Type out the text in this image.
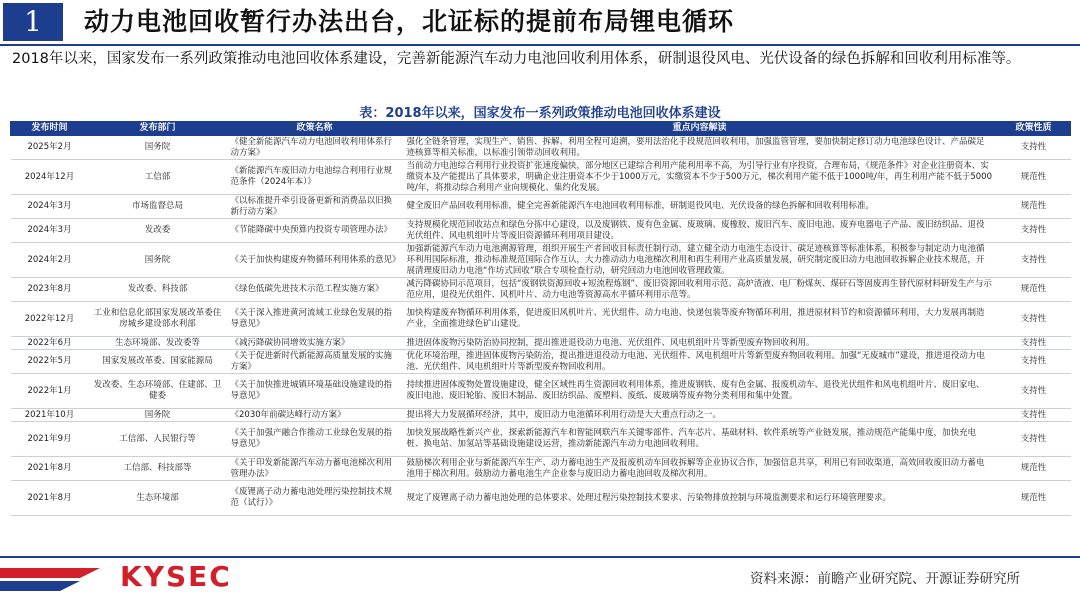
1	动力电池回收暂行办法出台，北证标的提前布局锂电循环
2018年以来，国家发布一系列政策推动电池回收体系建设，完善新能源汽车动力电池回收利用体系，研制退役风电、光伏设备的绿色拆解和回收利用标准等。
表：2018年以来，国家发布一系列政策推动电池回收体系建设
发布时间	发布部门	政策名称	重点内容解读	政策性质
2025年2月	国务院	《健全新能源汽车动力电池回收利用体系行动方案》	强化全链条管理，实现生产、销售、拆解、利用全程可追溯，要用法治化手段规范回收利用，加强监管管理，要加快制定修订动力电池绿色设计、产品碳足迹核算等相关标准，以标准引领带动回收利用。	支持性
2024年12月	工信部	《新能源汽车废旧动力电池综合利用行业规范条件（2024年本）》	当前动力电池综合利用行业投资扩张速度偏快，部分地区已建综合利用产能利用率不高，为引导行业有序投资，合理布局，《规范条件》对企业注册资本、实缴资本及产能提出了具体要求，明确企业注册资本不少于1000万元，实缴资本不少于500万元，梯次利用产能不低于1000吨/年，再生利用产能不低于5000吨/年，将推动综合利用产业向规模化、集约化发展。	规范性
2024年3月	市场监督总局	《以标准提升牵引设备更新和消费品以旧换新行动方案》	健全废旧产品回收利用标准，健全完善新能源汽车电池回收利用标准，研制退役风电、光伏设备的绿色拆解和回收利用标准。	规范性
2024年3月	发改委	《节能降碳中央预算内投资专项管理办法》	支持规模化规范回收站点和绿色分拣中心建设，以及废钢铁、废有色金属、废玻璃、废橡胶、废旧汽车、废旧电池、废弃电器电子产品、废旧纺织品、退役光伏组件、风电机组叶片等废旧资源循环利用项目建设。	支持性
2024年2月	国务院	《关于加快构建废弃物循环利用体系的意见》	加强新能源汽车动力电池溯源管理，组织开展生产者回收目标责任制行动，建立健全动力电池生态设计、碳足迹核算等标准体系，积极参与制定动力电池循环利用国际标准，推动标准规范国际合作互认，大力推动动力电池梯次利用和再生利用产业高质量发展，研究制定废旧动力电池回收拆解企业技术规范，开展清理废旧动力电池“作坊式回收”联合专项检查行动，研究回动力电池回收管理政策。	支持性
2023年8月	发改委、科技部	《绿色低碳先进技术示范工程实施方案》	减污降碳协同示范项目，包括“废钢铁资源回收+短流程炼钢”、废旧资源回收利用示范、高炉渣液、电厂粉煤灰、煤矸石等固废再生替代原材料研发生产与示范应用，退役光伏组件、风机叶片、动力电池等资源高水平循环利用示范等。	规范性
2022年12月	工业和信息化部国家发展改革委住房城乡建设部水利部	《关于深入推进黄河流域工业绿色发展的指导意见》	加快构建废弃物循环利用体系，促进废旧风机叶片、光伏组件、动力电池、快递包装等废弃物循环利用，推进原材料节约和资源循环利用，大力发展再制造产业，全面推进绿色矿山建设。	支持性
2022年6月	生态环境部、发改委等	《减污降碳协同增效实施方案》	推进固体废物污染防治协同控制，提出推进退役动力电池、光伏组件、风电机组叶片等新型废弃物回收利用。	支持性
2022年5月	国家发展改革委、国家能源局	《关于促进新时代新能源高质量发展的实施方案》	优化环境治理，推进固体废物污染防治，提出推进退役动力电池、光伏组件、风电机组叶片等新型废弃物回收利用。加强“无废城市”建设，推进退役动力电池、光伏组件、风电机组叶片等新型废弃物回收利用。	支持性
2022年1月	发改委、生态环境部、住建部、卫健委	《关于加快推进城镇环境基础设施建设的指导意见》	持续推进固体废物处置设施建设，健全区域性再生资源回收利用体系，推进废钢铁、废有色金属、报废机动车、退役光伏组件和风电机组叶片、废旧家电、废旧电池、废旧轮胎、废旧木制品、废旧纺织品、废塑料、废纸、废玻璃等废弃物分类利用和集中处置。	支持性
2021年10月	国务院	《2030年前碳达峰行动方案》	提出将大力发展循环经济，其中，废旧动力电池循环利用行动是大大重点行动之一。	支持性
2021年9月	工信部、人民银行等	《关于加强产融合作推动工业绿色发展的指导意见》	加快发展战略性新兴产业，探索新能源汽车和智能网联汽车关键零部件、汽车芯片、基础材料、软件系统等产业链发展，推动规范产能集中度，加快充电桩、换电站、加氢站等基础设施建设运营，推动新能源汽车动力电池回收利用。	支持性
2021年8月	工信部、科技部等	《关于印发新能源汽车动力蓄电池梯次利用管理办法》	鼓励梯次利用企业与新能源汽车生产、动力蓄电池生产及报废机动车回收拆解等企业协议合作，加强信息共享，利用已有回收渠道，高效回收废旧动力蓄电池用于梯次利用。鼓励动力蓄电池生产企业参与废旧动力蓄电池回收及梯次利用。	规范性
2021年8月	生态环境部	《废锂离子动力蓄电池处理污染控制技术规范（试行）》	规定了废锂离子动力蓄电池处理的总体要求、处理过程污染控制技术要求、污染物排放控制与环境监测要求和运行环境管理要求。	规范性
KYSEC	资料来源：前瞻产业研究院、开源证券研究所
